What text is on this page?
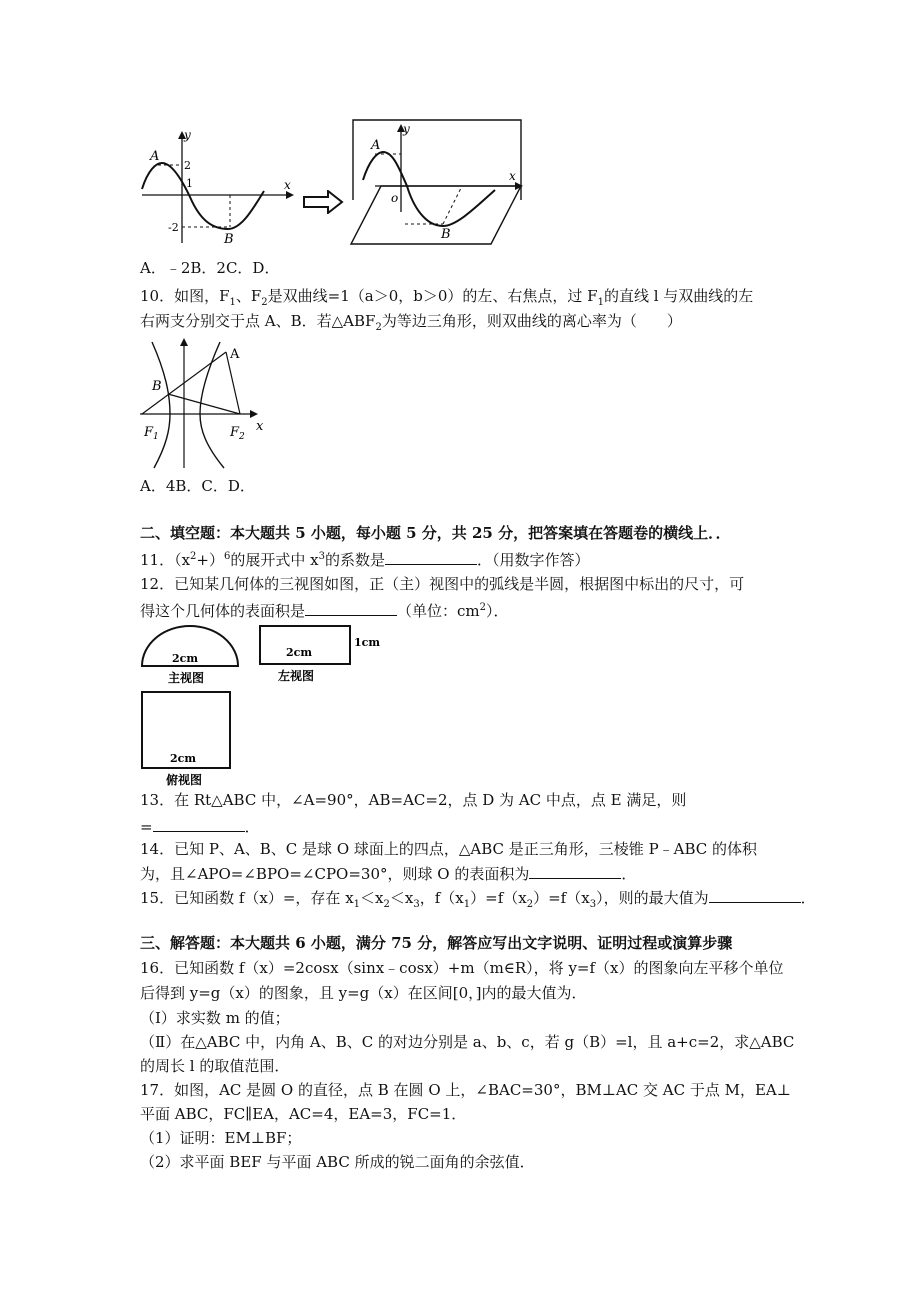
A
y
x
2
1
-2
B
A
y
x
o
B
A．﹣2B．2C．D．
10．如图，$F_1$、$F_2$是双曲线=1（a＞0，b＞0）的左、右焦点，过 $F_1$的直线 l 与双曲线的左
右两支分别交于点 A、B．若$\triangle ABF_2$为等边三角形，则双曲线的离心率为（　　）
A
B
$F_1$	$F_2$
x
A．4B．C．D．
二、填空题：本大题共 5 小题，每小题 5 分，共 25 分，把答案填在答题卷的横线上．．
11．$(x^2+)^6$的展开式中 $x^3$的系数是	．（用数字作答）
12．已知某几何体的三视图如图，正（主）视图中的弧线是半圆，根据图中标出的尺寸，可
得这个几何体的表面积是	（单位：$cm^2$）．
2cm
主视图
2cm
1cm
左视图
2cm
俯视图
13．在 Rt△ABC 中，∠A=90°，AB=AC=2，点 D 为 AC 中点，点 E 满足，则
=	．
14．已知 P、A、B、C 是球 O 球面上的四点，△ABC 是正三角形，三棱锥 P﹣ABC 的体积
为，且∠APO=∠BPO=∠CPO=30°，则球 O 的表面积为	．
15．已知函数 f（x）=，存在 $x_1<x_2<x_3$，$f(x_1)=f(x_2)=f(x_3)$，则的最大值为	．
三、解答题：本大题共 6 小题，满分 75 分，解答应写出文字说明、证明过程或演算步骤
16．已知函数 f（x）=2cosx（sinx﹣cosx）+m（m∈R），将 y=f（x）的图象向左平移个单位
后得到 y=g（x）的图象，且 y=g（x）在区间[0，]内的最大值为．
（Ⅰ）求实数 m 的值；
（Ⅱ）在△ABC 中，内角 A、B、C 的对边分别是 a、b、c，若 g（B）=l，且 a+c=2，求△ABC
的周长 l 的取值范围．
17．如图，AC 是圆 O 的直径，点 B 在圆 O 上，∠BAC=30°，BM⊥AC 交 AC 于点 M，EA⊥
平面 ABC，FC∥EA，AC=4，EA=3，FC=1．
（1）证明：EM⊥BF；
（2）求平面 BEF 与平面 ABC 所成的锐二面角的余弦值．
